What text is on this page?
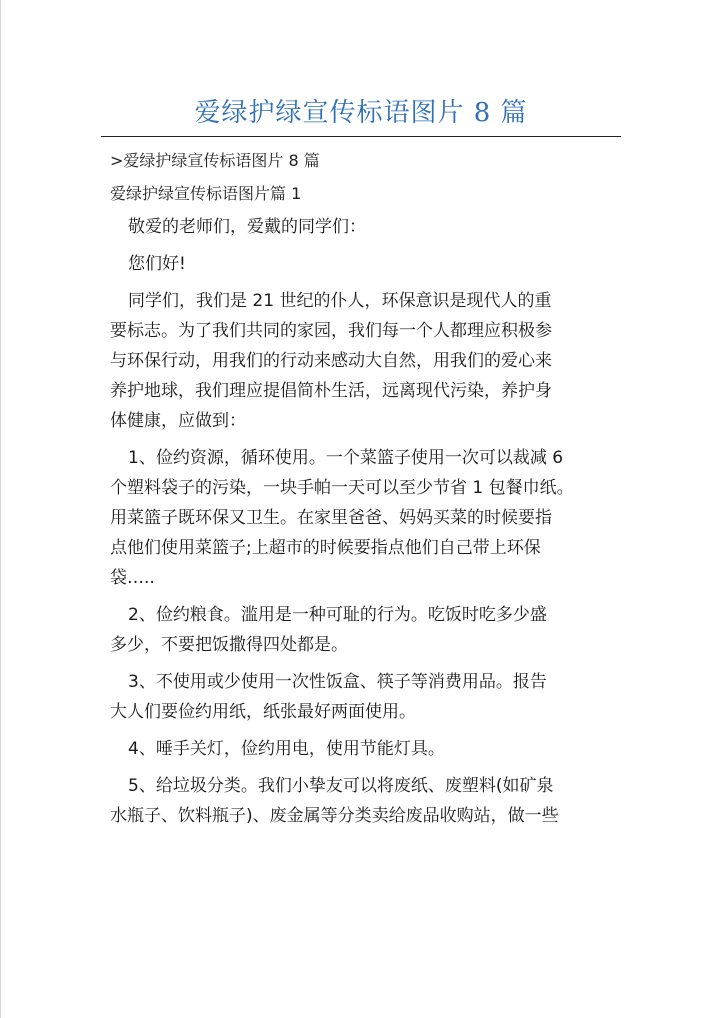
爱绿护绿宣传标语图片 8 篇

>爱绿护绿宣传标语图片 8 篇

爱绿护绿宣传标语图片篇 1

敬爱的老师们，爱戴的同学们：

您们好!

同学们，我们是 21 世纪的仆人，环保意识是现代人的重

要标志。为了我们共同的家园，我们每一个人都理应积极参

与环保行动，用我们的行动来感动大自然，用我们的爱心来

养护地球，我们理应提倡简朴生活，远离现代污染，养护身

体健康，应做到：

1、俭约资源，循环使用。一个菜篮子使用一次可以裁减 6

个塑料袋子的污染，一块手帕一天可以至少节省 1 包餐巾纸。

用菜篮子既环保又卫生。在家里爸爸、妈妈买菜的时候要指

点他们使用菜篮子;上超市的时候要指点他们自己带上环保

袋…..

2、俭约粮食。滥用是一种可耻的行为。吃饭时吃多少盛

多少，不要把饭撒得四处都是。

3、不使用或少使用一次性饭盒、筷子等消费用品。报告

大人们要俭约用纸，纸张最好两面使用。

4、唾手关灯，俭约用电，使用节能灯具。

5、给垃圾分类。我们小挚友可以将废纸、废塑料(如矿泉

水瓶子、饮料瓶子)、废金属等分类卖给废品收购站，做一些
